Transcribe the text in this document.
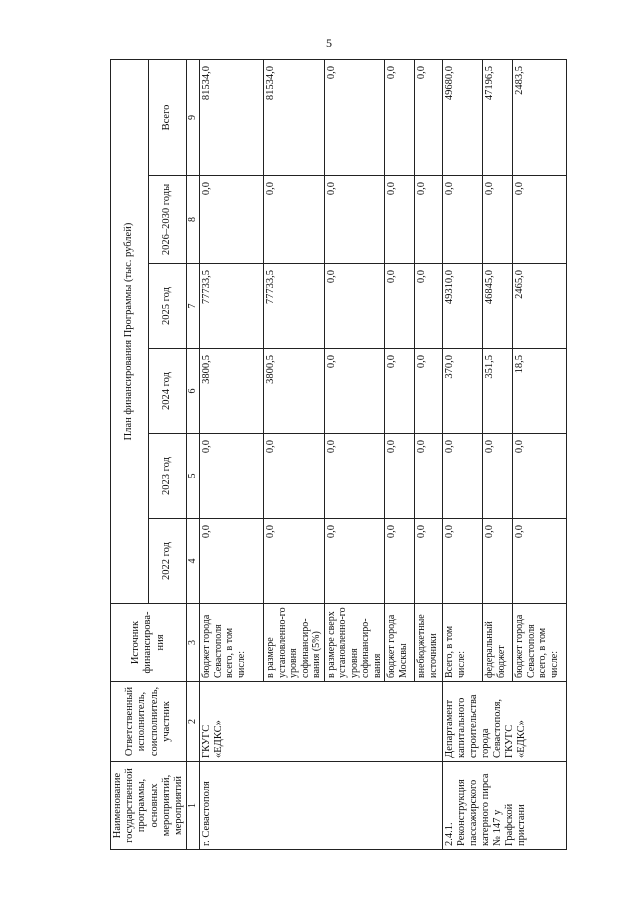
5
Наименование государственной программы, основных мероприятий, мероприятий	Ответственный исполнитель, соисполнитель, участник	Источник финансирова-ния	План финансирования Программы (тыс. рублей)					
			2022 год	2023 год	2024 год	2025 год	2026–2030 годы	Всего
1	2	3	4	5	6	7	8	9
г. Севастополя	ГКУГС «ЕДКС»	бюджет города Севастополя всего, в том числе:	0,0	0,0	3800,5	77733,5	0,0	81534,0
		в размере установленно-го уровня софинансиро-вания (5%)	0,0	0,0	3800,5	77733,5	0,0	81534,0
		в размере сверх установленно-го уровня софинансиро-вания	0,0	0,0	0,0	0,0	0,0	0,0
		бюджет города Москвы	0,0	0,0	0,0	0,0	0,0	0,0
		внебюджетные источники	0,0	0,0	0,0	0,0	0,0	0,0
2.4.1. Реконструкция пассажирского катерного пирса № 147 у Графской пристани	Департамент капитального строительства города Севастополя, ГКУГС «ЕДКС»	Всего, в том числе:	0,0	0,0	370,0	49310,0	0,0	49680,0
		федеральный бюджет	0,0	0,0	351,5	46845,0	0,0	47196,5
		бюджет города Севастополя всего, в том числе:	0,0	0,0	18,5	2465,0	0,0	2483,5
